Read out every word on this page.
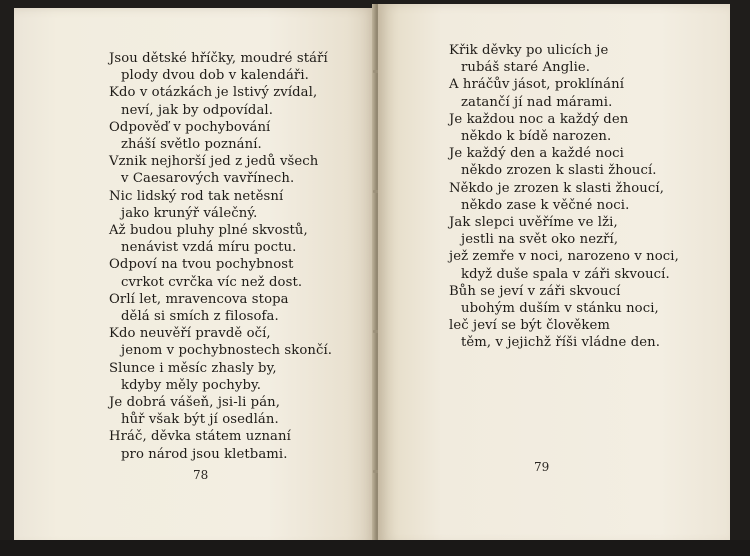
Jsou dětské hříčky, moudré stáří
plody dvou dob v kalendáři.
Kdo v otázkách je lstivý zvídal,
neví, jak by odpovídal.
Odpověď v pochybování
zháší světlo poznání.
Vznik nejhorší jed z jedů všech
v Caesarových vavřínech.
Nic lidský rod tak netěsní
jako krunýř válečný.
Až budou pluhy plné skvostů,
nenávist vzdá míru poctu.
Odpoví na tvou pochybnost
cvrkot cvrčka víc než dost.
Orlí let, mravencova stopa
dělá si smích z filosofa.
Kdo neuvěří pravdě očí,
jenom v pochybnostech skončí.
Slunce i měsíc zhasly by,
kdyby měly pochyby.
Je dobrá vášeň, jsi-li pán,
hůř však být jí osedlán.
Hráč, děvka státem uznaní
pro národ jsou kletbami.
78
Křik děvky po ulicích je
rubáš staré Anglie.
A hráčův jásot, proklínání
zatančí jí nad márami.
Je každou noc a každý den
někdo k bídě narozen.
Je každý den a každé noci
někdo zrozen k slasti žhoucí.
Někdo je zrozen k slasti žhoucí,
někdo zase k věčné noci.
Jak slepci uvěříme ve lži,
jestli na svět oko nezří,
jež zemře v noci, narozeno v noci,
když duše spala v záři skvoucí.
Bůh se jeví v záři skvoucí
ubohým duším v stánku noci,
leč jeví se být člověkem
těm, v jejichž říši vládne den.
79
